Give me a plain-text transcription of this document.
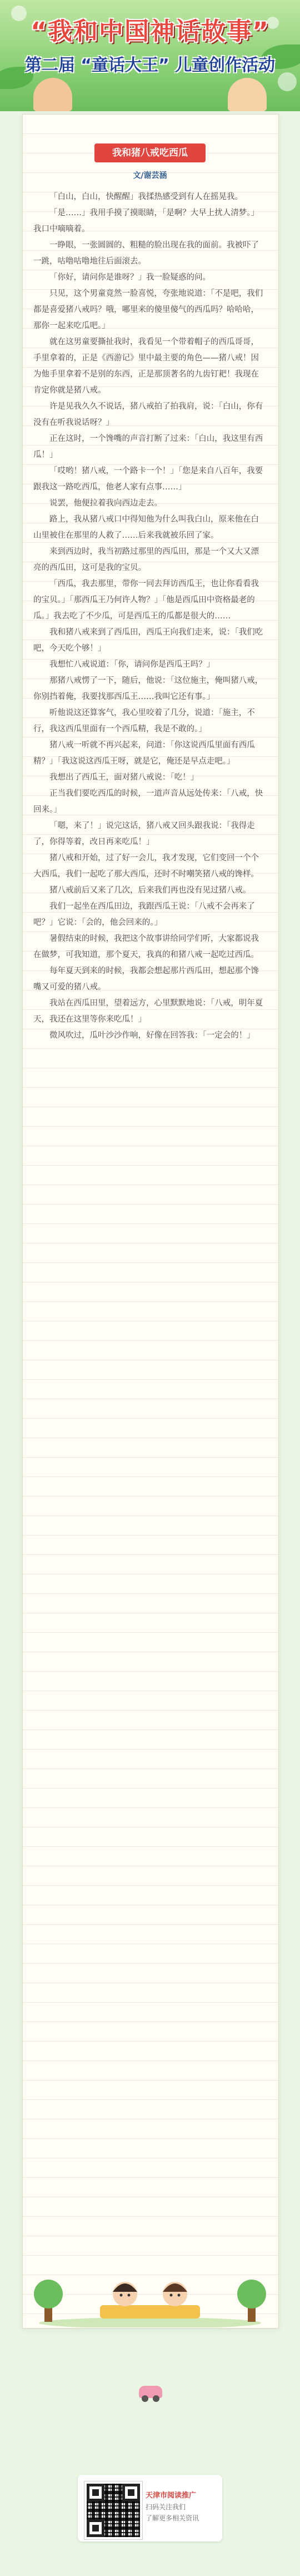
“我和中国神话故事”
第二届 “童话大王” 儿童创作活动
我和猪八戒吃西瓜
文/谢芸涵

「白山，白山，快醒醒」我揉热感受到有人在摇晃我。

「是……」我用手摸了摸眼睛，「是啊？大早上扰人清梦。」我口中嘀嘀着。

一睁眼，一张圆圆的、粗糙的脸出现在我的面前。我被吓了一跳，咕噜咕噜地往后面滚去。

「你好，请问你是谁呀？」我一脸疑惑的问。

只见，这个男童竟然一脸喜悦，夸张地说道：「不是吧，我们都是喜爱猪八戒吗？哦，哪里来的傻里傻气的西瓜吗？哈哈哈，那你一起来吃瓜吧。」

就在这男童要撕扯我时，我看见一个带着帽子的西瓜哥哥，手里拿着的，正是《西游记》里中最主要的角色——猪八戒！因为他手里拿着不是别的东西，正是那顶著名的九齿钉耙！我现在肯定你就是猪八戒。

许是见我久久不说话，猪八戒拍了拍我肩，说：「白山，你有没有在听我说话呀？」

正在这时，一个馋嘴的声音打断了过来：「白山，我这里有西瓜！」

「哎哟！猪八戒，一个路卡一个！」「您是来自八百年，我要跟我这一路吃西瓜，他老人家有点事……」

说罢，他便拉着我向西边走去。

路上，我从猪八戒口中得知他为什么叫我白山，原来他在白山里被住在那里的人救了……后来我就被乐回了家。

来到西边时，我当初路过那里的西瓜田，那是一个又大又漂亮的西瓜田，这可是我的宝贝。

「西瓜，我去那里，带你一同去拜访西瓜王，也让你看看我的宝贝。」「那西瓜王乃何许人物？」「他是西瓜田中资格最老的瓜。」我去吃了不少瓜，可是西瓜王的瓜都是很大的……

我和猪八戒来到了西瓜田，西瓜王向我们走来，说：「我们吃吧，今天吃个够！」

我想忙八戒说道：「你，请问你是西瓜王吗？」

那猪八戒愣了一下，随后，他说：「这位施主，俺叫猪八戒，你别挡着俺，我要找那西瓜王……我叫它还有事。」

听他说这还算客气，我心里咬着了几分，说道：「施主，不行，我这西瓜里面有一个西瓜精，我是不敢的。」

猪八戒一听就不再兴起来，问道：「你这说西瓜里面有西瓜精？」「我这说这西瓜王呀，就是它，俺还是早点走吧。」

我想出了西瓜王，面对猪八戒说：「吃！」

正当我们要吃西瓜的时候，一道声音从远处传来：「八戒，快回来。」

「嗯，来了！」说完这话，猪八戒又回头跟我说：「我得走了，你得等着，改日再来吃瓜！」

猪八戒和开始，过了好一会儿，我才发现，它们变回一个个大西瓜，我们一起吃了那大西瓜，还时不时嘲笑猪八戒的馋样。

猪八戒前后又来了几次，后来我们再也没有见过猪八戒。

我们一起坐在西瓜田边，我跟西瓜王说：「八戒不会再来了吧？」它说：「会的，他会回来的。」

暑假结束的时候，我把这个故事讲给同学们听，大家都说我在做梦，可我知道，那个夏天，我真的和猪八戒一起吃过西瓜。

每年夏天到来的时候，我都会想起那片西瓜田，想起那个馋嘴又可爱的猪八戒。

我站在西瓜田里，望着远方，心里默默地说：「八戒，明年夏天，我还在这里等你来吃瓜！」

微风吹过，瓜叶沙沙作响，好像在回答我：「一定会的！」

天津市阅读推广
扫码关注我们
了解更多相关资讯
